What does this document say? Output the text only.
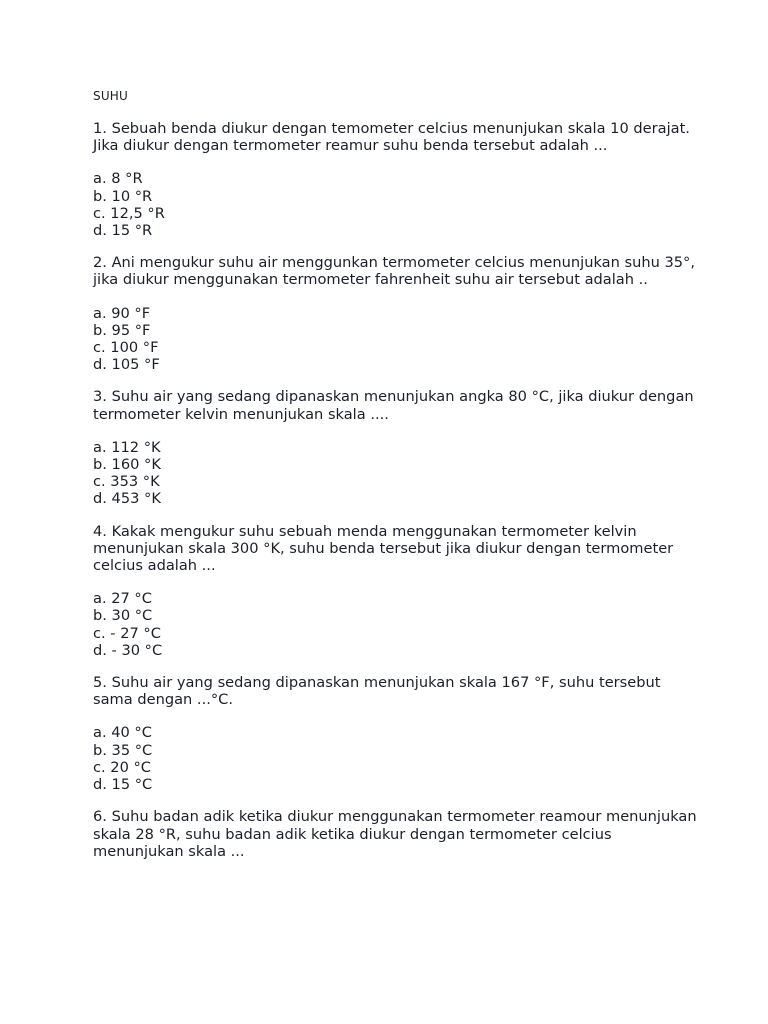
SUHU
1. Sebuah benda diukur dengan temometer celcius menunjukan skala 10 derajat. Jika diukur dengan termometer reamur suhu benda tersebut adalah ...
a. 8 °R
b. 10 °R
c. 12,5 °R
d. 15 °R
2. Ani mengukur suhu air menggunkan termometer celcius menunjukan suhu 35°, jika diukur menggunakan termometer fahrenheit suhu air tersebut adalah ..
a. 90 °F
b. 95 °F
c. 100 °F
d. 105 °F
3. Suhu air yang sedang dipanaskan menunjukan angka 80 °C, jika diukur dengan termometer kelvin menunjukan skala ....
a. 112 °K
b. 160 °K
c. 353 °K
d. 453 °K
4. Kakak mengukur suhu sebuah menda menggunakan termometer kelvin menunjukan skala 300 °K, suhu benda tersebut jika diukur dengan termometer celcius adalah ...
a. 27 °C
b. 30 °C
c. - 27 °C
d. - 30 °C
5. Suhu air yang sedang dipanaskan menunjukan skala 167 °F, suhu tersebut sama dengan ...°C.
a. 40 °C
b. 35 °C
c. 20 °C
d. 15 °C
6. Suhu badan adik ketika diukur menggunakan termometer reamour menunjukan skala 28 °R, suhu badan adik ketika diukur dengan termometer celcius menunjukan skala ...
